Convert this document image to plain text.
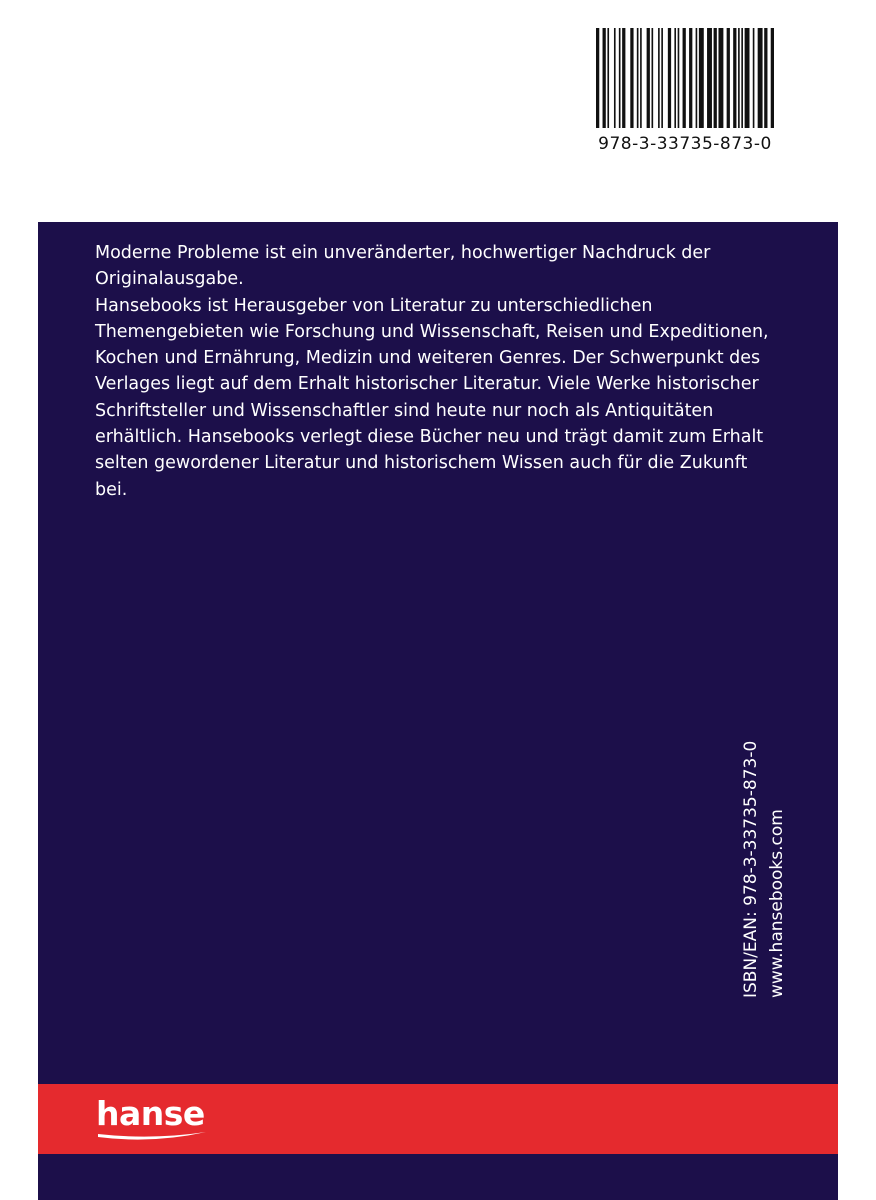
978-3-33735-873-0

Moderne Probleme ist ein unveränderter, hochwertiger Nachdruck der Originalausgabe.

Hansebooks ist Herausgeber von Literatur zu unterschiedlichen Themengebieten wie Forschung und Wissenschaft, Reisen und Expeditionen, Kochen und Ernährung, Medizin und weiteren Genres. Der Schwerpunkt des Verlages liegt auf dem Erhalt historischer Literatur. Viele Werke historischer Schriftsteller und Wissenschaftler sind heute nur noch als Antiquitäten erhältlich. Hansebooks verlegt diese Bücher neu und trägt damit zum Erhalt selten gewordener Literatur und historischem Wissen auch für die Zukunft bei.

ISBN/EAN: 978-3-33735-873-0 www.hansebooks.com
hanse
